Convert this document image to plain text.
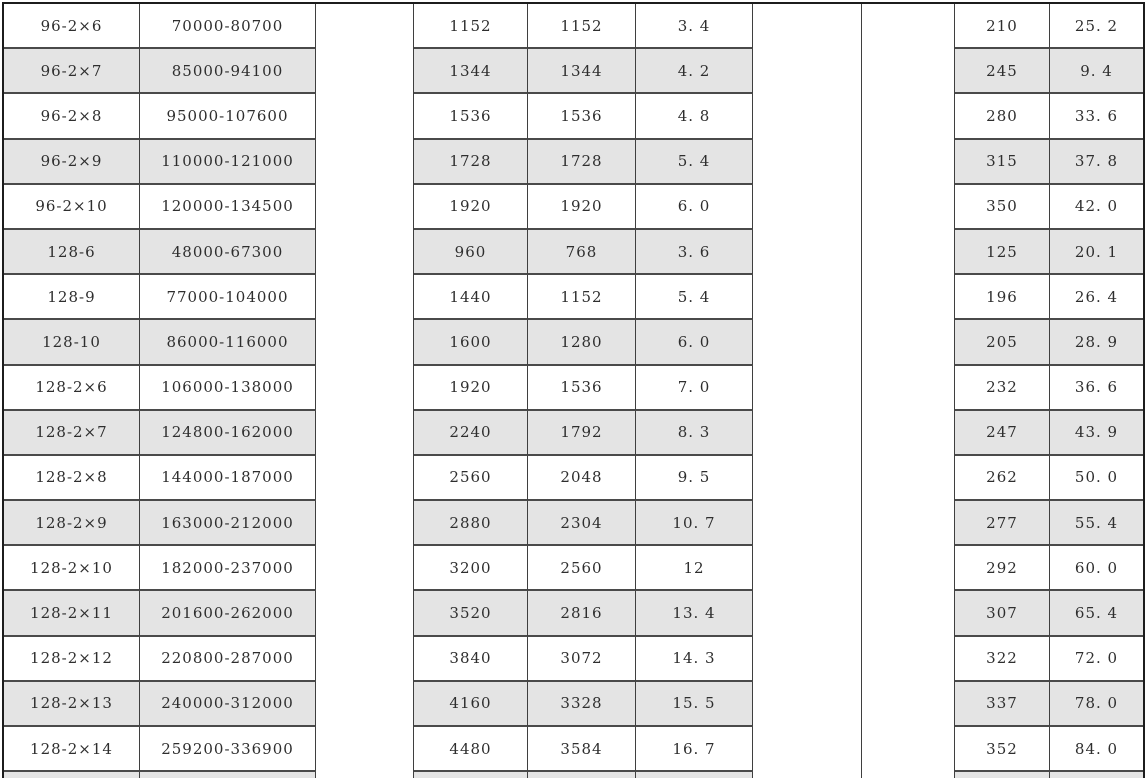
96-2×6	70000-80700		1152	1152	3. 4			210	25. 2
96-2×7	85000-94100		1344	1344	4. 2			245	9. 4
96-2×8	95000-107600		1536	1536	4. 8			280	33. 6
96-2×9	110000-121000		1728	1728	5. 4			315	37. 8
96-2×10	120000-134500		1920	1920	6. 0			350	42. 0
128-6	48000-67300		960	768	3. 6			125	20. 1
128-9	77000-104000		1440	1152	5. 4			196	26. 4
128-10	86000-116000		1600	1280	6. 0			205	28. 9
128-2×6	106000-138000		1920	1536	7. 0			232	36. 6
128-2×7	124800-162000		2240	1792	8. 3			247	43. 9
128-2×8	144000-187000		2560	2048	9. 5			262	50. 0
128-2×9	163000-212000		2880	2304	10. 7			277	55. 4
128-2×10	182000-237000		3200	2560	12			292	60. 0
128-2×11	201600-262000		3520	2816	13. 4			307	65. 4
128-2×12	220800-287000		3840	3072	14. 3			322	72. 0
128-2×13	240000-312000		4160	3328	15. 5			337	78. 0
128-2×14	259200-336900		4480	3584	16. 7			352	84. 0
